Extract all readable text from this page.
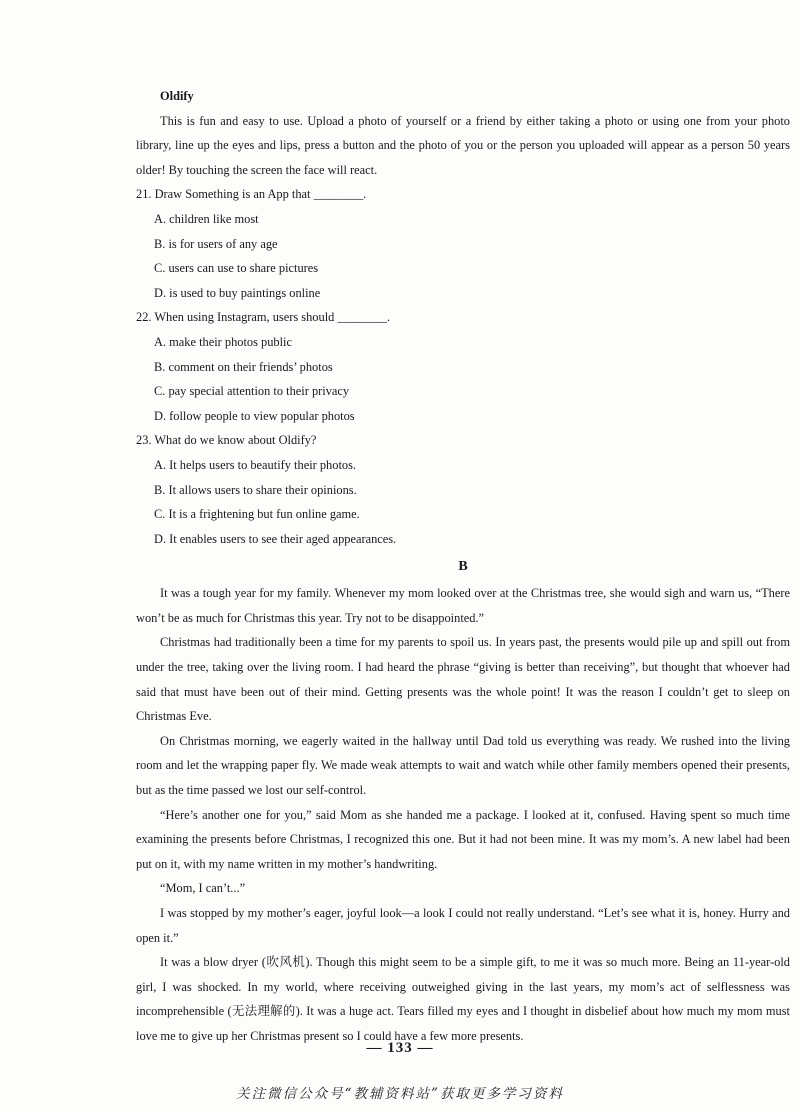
Oldify

This is fun and easy to use. Upload a photo of yourself or a friend by either taking a photo or using one from your photo library, line up the eyes and lips, press a button and the photo of you or the person you uploaded will appear as a person 50 years older! By touching the screen the face will react.

21. Draw Something is an App that ________.

A. children like most

B. is for users of any age

C. users can use to share pictures

D. is used to buy paintings online

22. When using Instagram, users should ________.

A. make their photos public

B. comment on their friends’ photos

C. pay special attention to their privacy

D. follow people to view popular photos

23. What do we know about Oldify?

A. It helps users to beautify their photos.

B. It allows users to share their opinions.

C. It is a frightening but fun online game.

D. It enables users to see their aged appearances.

B

It was a tough year for my family. Whenever my mom looked over at the Christmas tree, she would sigh and warn us, “There won’t be as much for Christmas this year. Try not to be disappointed.”

Christmas had traditionally been a time for my parents to spoil us. In years past, the presents would pile up and spill out from under the tree, taking over the living room. I had heard the phrase “giving is better than receiving”, but thought that whoever had said that must have been out of their mind. Getting presents was the whole point! It was the reason I couldn’t get to sleep on Christmas Eve.

On Christmas morning, we eagerly waited in the hallway until Dad told us everything was ready. We rushed into the living room and let the wrapping paper fly. We made weak attempts to wait and watch while other family members opened their presents, but as the time passed we lost our self-control.

“Here’s another one for you,” said Mom as she handed me a package. I looked at it, confused. Having spent so much time examining the presents before Christmas, I recognized this one. But it had not been mine. It was my mom’s. A new label had been put on it, with my name written in my mother’s handwriting.

“Mom, I can’t...”

I was stopped by my mother’s eager, joyful look—a look I could not really understand. “Let’s see what it is, honey. Hurry and open it.”

It was a blow dryer (吹风机). Though this might seem to be a simple gift, to me it was so much more. Being an 11-year-old girl, I was shocked. In my world, where receiving outweighed giving in the last years, my mom’s act of selflessness was incomprehensible (无法理解的). It was a huge act. Tears filled my eyes and I thought in disbelief about how much my mom must love me to give up her Christmas present so I could have a few more presents.

— 133 —
关注微信公众号“教辅资料站”获取更多学习资料
